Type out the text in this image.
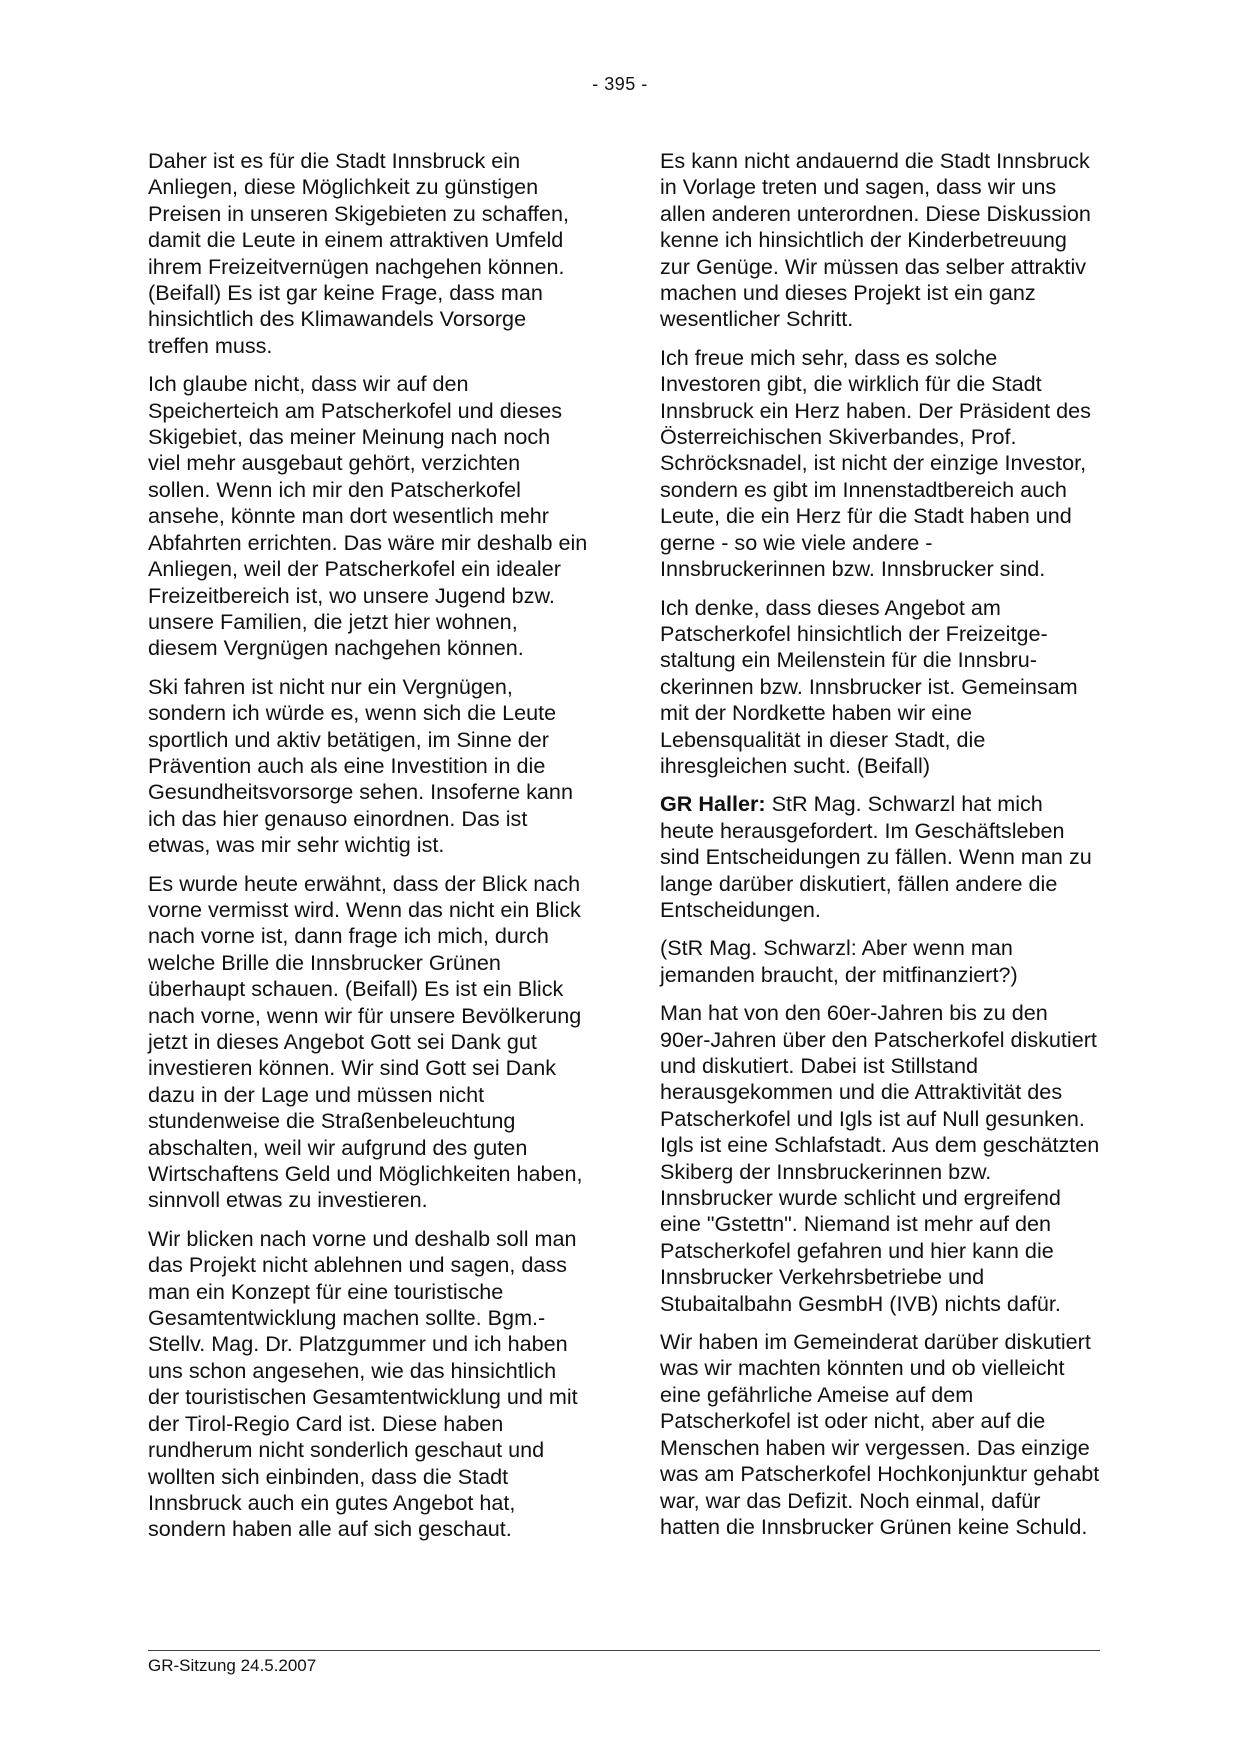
- 395 -

Daher ist es für die Stadt Innsbruck ein Anliegen, diese Möglichkeit zu günstigen Preisen in unseren Skigebieten zu schaffen, damit die Leute in einem attraktiven Umfeld ihrem Freizeitvernügen nachgehen können. (Beifall) Es ist gar keine Frage, dass man hinsichtlich des Klimawandels Vorsorge treffen muss.

Ich glaube nicht, dass wir auf den Speicherteich am Patscherkofel und dieses Skigebiet, das meiner Meinung nach noch viel mehr ausgebaut gehört, verzichten sollen. Wenn ich mir den Patscherkofel ansehe, könnte man dort wesentlich mehr Abfahrten errichten. Das wäre mir deshalb ein Anliegen, weil der Patscherkofel ein idealer Freizeitbereich ist, wo unsere Jugend bzw. unsere Familien, die jetzt hier wohnen, diesem Vergnügen nachgehen können.

Ski fahren ist nicht nur ein Vergnügen, sondern ich würde es, wenn sich die Leute sportlich und aktiv betätigen, im Sinne der Prävention auch als eine Investition in die Gesundheitsvorsorge sehen. Insoferne kann ich das hier genauso einordnen. Das ist etwas, was mir sehr wichtig ist.

Es wurde heute erwähnt, dass der Blick nach vorne vermisst wird. Wenn das nicht ein Blick nach vorne ist, dann frage ich mich, durch welche Brille die Innsbrucker Grünen überhaupt schauen. (Beifall) Es ist ein Blick nach vorne, wenn wir für unsere Bevölkerung jetzt in dieses Angebot Gott sei Dank gut investieren können. Wir sind Gott sei Dank dazu in der Lage und müssen nicht stundenweise die Straßenbeleuchtung abschalten, weil wir aufgrund des guten Wirtschaftens Geld und Möglichkeiten haben, sinnvoll etwas zu investieren.

Wir blicken nach vorne und deshalb soll man das Projekt nicht ablehnen und sagen, dass man ein Konzept für eine touristische Gesamtentwicklung machen sollte. Bgm.-Stellv. Mag. Dr. Platzgummer und ich haben uns schon angesehen, wie das hinsichtlich der touristischen Gesamtentwicklung und mit der Tirol-Regio Card ist. Diese haben rundherum nicht sonderlich geschaut und wollten sich einbinden, dass die Stadt Innsbruck auch ein gutes Angebot hat, sondern haben alle auf sich geschaut.

Es kann nicht andauernd die Stadt Innsbruck in Vorlage treten und sagen, dass wir uns allen anderen unterordnen. Diese Diskussion kenne ich hinsichtlich der Kinderbetreuung zur Genüge. Wir müssen das selber attraktiv machen und dieses Projekt ist ein ganz wesentlicher Schritt.

Ich freue mich sehr, dass es solche Investoren gibt, die wirklich für die Stadt Innsbruck ein Herz haben. Der Präsident des Österreichischen Skiverbandes, Prof. Schröcksnadel, ist nicht der einzige Investor, sondern es gibt im Innenstadtbereich auch Leute, die ein Herz für die Stadt haben und gerne - so wie viele andere - Innsbruckerinnen bzw. Innsbrucker sind.

Ich denke, dass dieses Angebot am Patscherkofel hinsichtlich der Freizeitgestaltung ein Meilenstein für die Innsbruckerinnen bzw. Innsbrucker ist. Gemeinsam mit der Nordkette haben wir eine Lebensqualität in dieser Stadt, die ihresgleichen sucht. (Beifall)

GR Haller: StR Mag. Schwarzl hat mich heute herausgefordert. Im Geschäftsleben sind Entscheidungen zu fällen. Wenn man zu lange darüber diskutiert, fällen andere die Entscheidungen.

(StR Mag. Schwarzl: Aber wenn man jemanden braucht, der mitfinanziert?)

Man hat von den 60er-Jahren bis zu den 90er-Jahren über den Patscherkofel diskutiert und diskutiert. Dabei ist Stillstand herausgekommen und die Attraktivität des Patscherkofel und Igls ist auf Null gesunken. Igls ist eine Schlafstadt. Aus dem geschätzten Skiberg der Innsbruckerinnen bzw. Innsbrucker wurde schlicht und ergreifend eine "Gstettn". Niemand ist mehr auf den Patscherkofel gefahren und hier kann die Innsbrucker Verkehrsbetriebe und Stubaitalbahn GesmbH (IVB) nichts dafür.

Wir haben im Gemeinderat darüber diskutiert was wir machten könnten und ob vielleicht eine gefährliche Ameise auf dem Patscherkofel ist oder nicht, aber auf die Menschen haben wir vergessen. Das einzige was am Patscherkofel Hochkonjunktur gehabt war, war das Defizit. Noch einmal, dafür hatten die Innsbrucker Grünen keine Schuld.

GR-Sitzung 24.5.2007
